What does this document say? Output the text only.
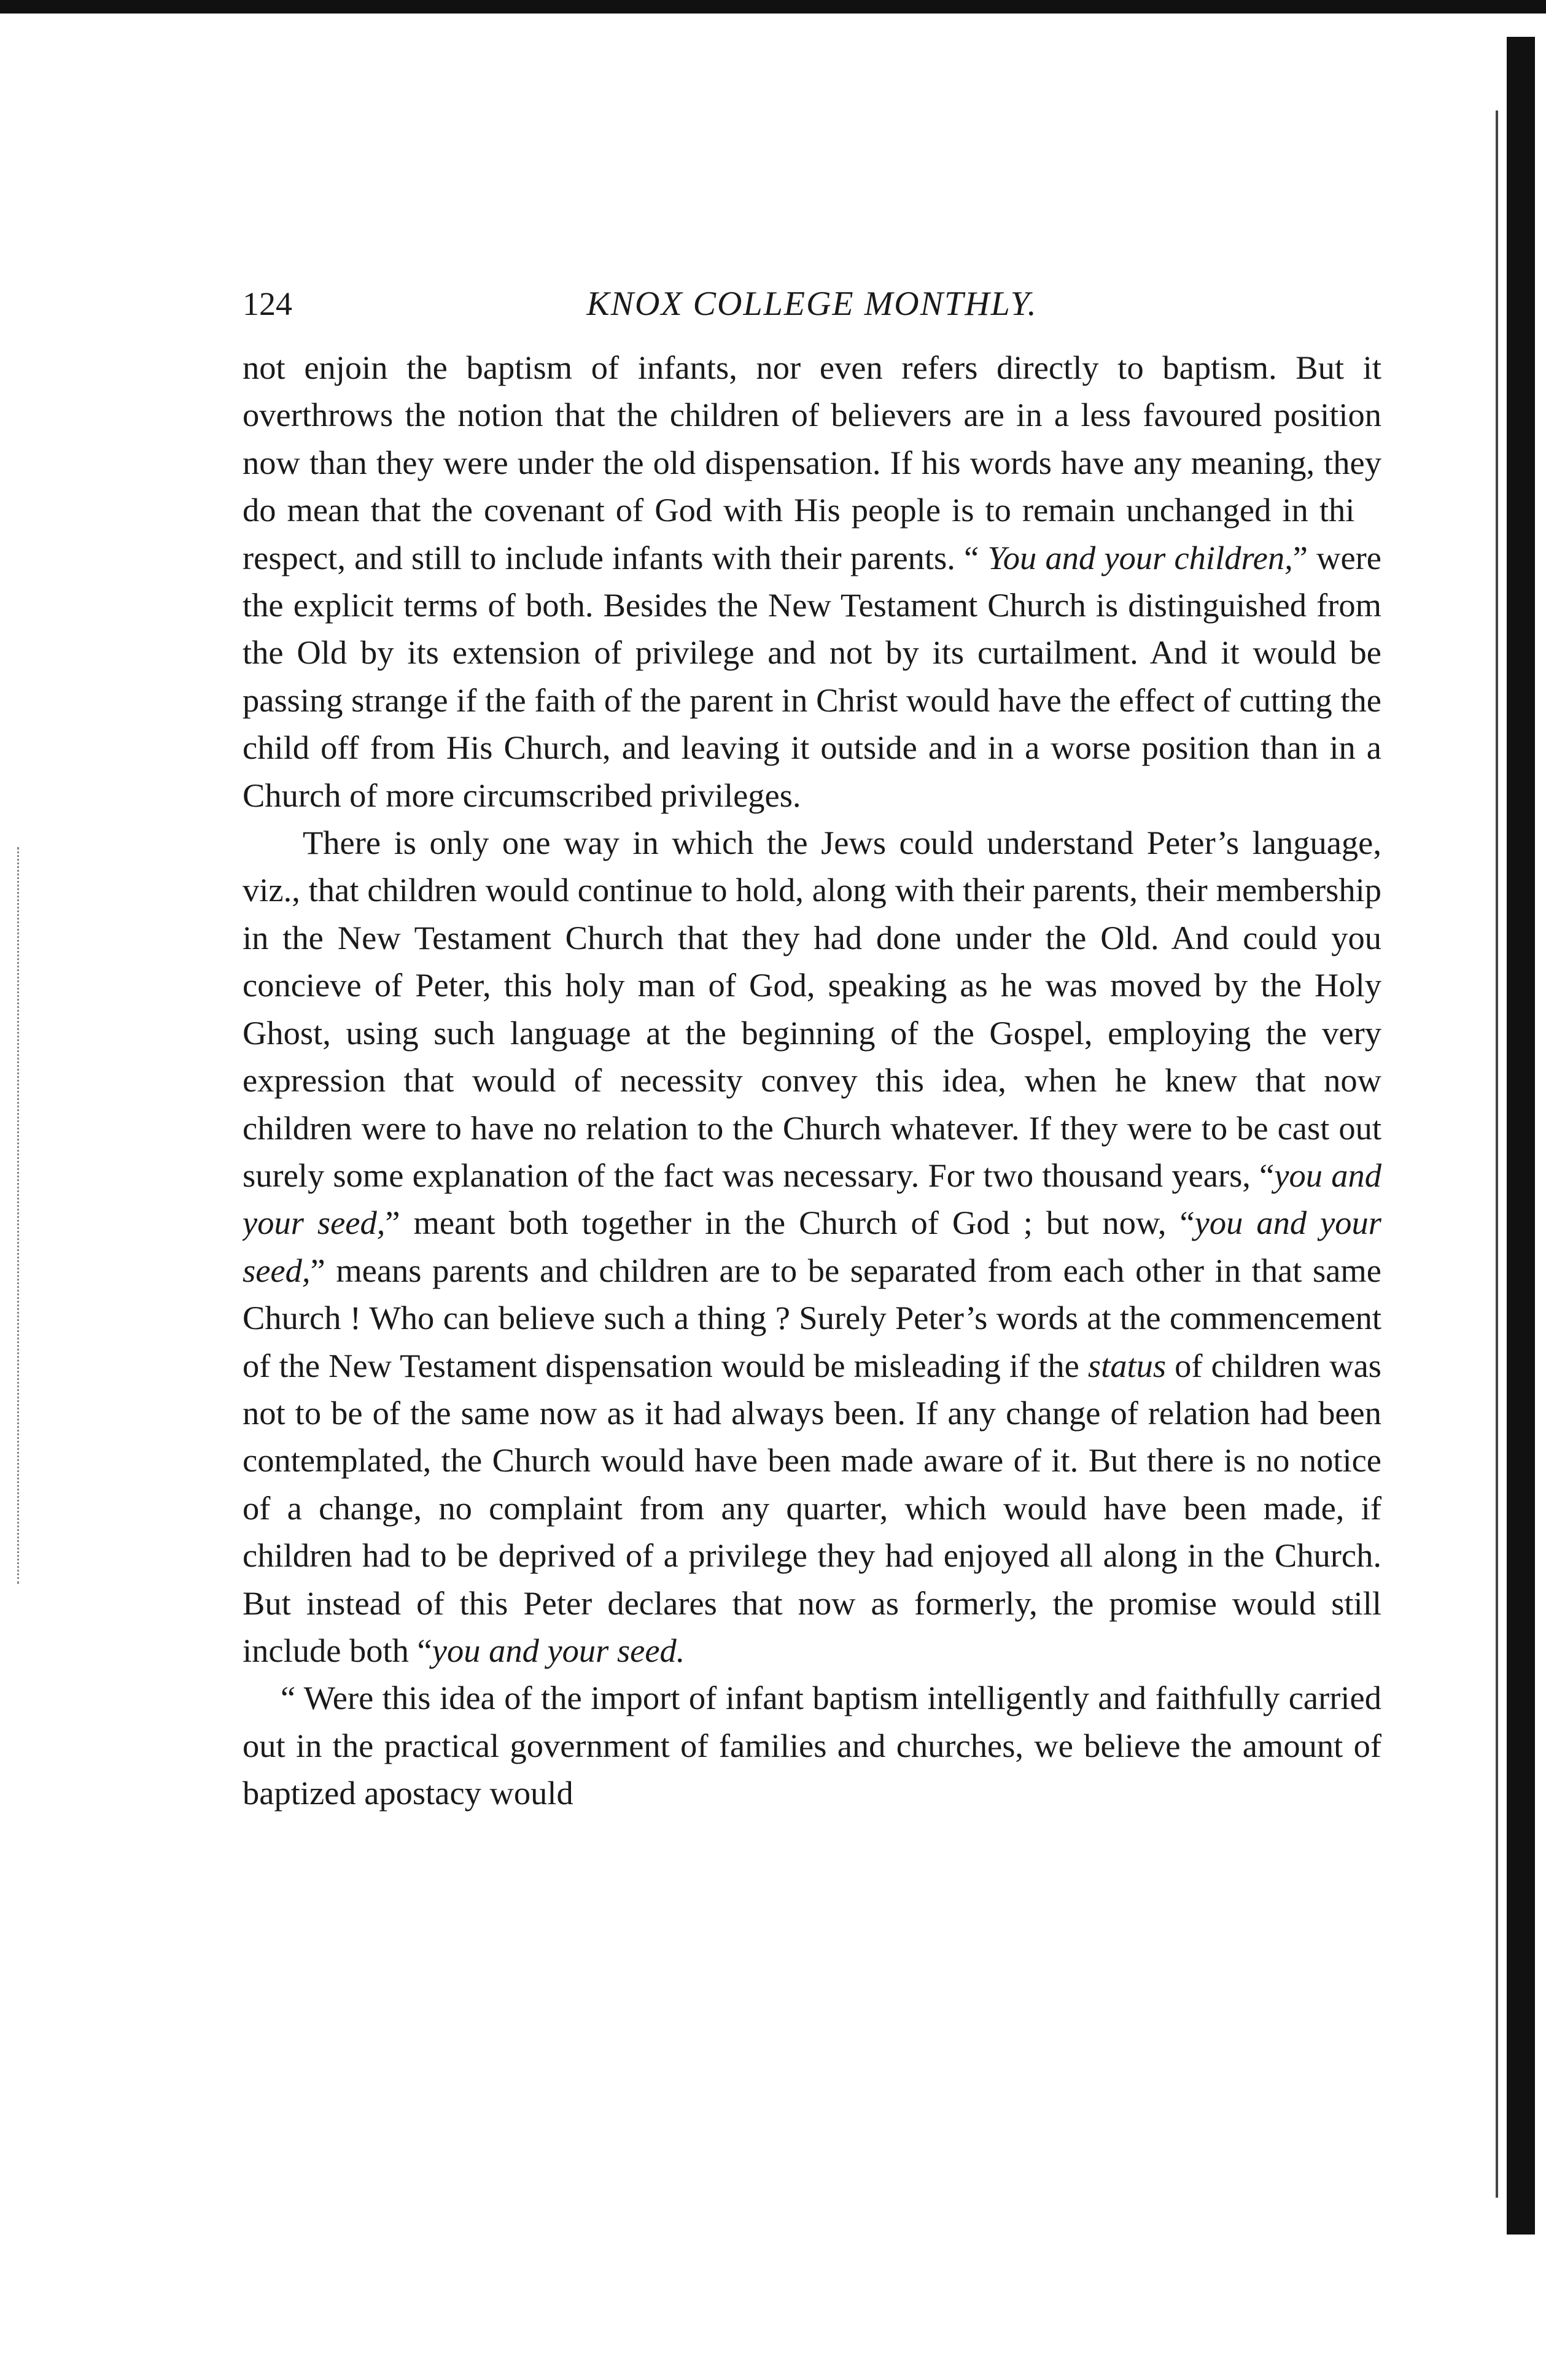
124	KNOX COLLEGE MONTHLY.

not enjoin the baptism of infants, nor even refers directly to baptism. But it overthrows the notion that the children of believers are in a less favoured position now than they were under the old dispensation. If his words have any meaning, they do mean that the covenant of God with His people is to remain unchanged in thi respect, and still to include infants with their parents. “ You and your children,” were the explicit terms of both. Besides the New Testament Church is distinguished from the Old by its extension of privilege and not by its curtailment. And it would be passing strange if the faith of the parent in Christ would have the effect of cutting the child off from His Church, and leaving it outside and in a worse position than in a Church of more circumscribed privileges.

There is only one way in which the Jews could understand Peter’s language, viz., that children would continue to hold, along with their parents, their membership in the New Testament Church that they had done under the Old. And could you concieve of Peter, this holy man of God, speaking as he was moved by the Holy Ghost, using such language at the beginning of the Gospel, employing the very expression that would of necessity convey this idea, when he knew that now children were to have no relation to the Church whatever. If they were to be cast out surely some explanation of the fact was necessary. For two thousand years, “you and your seed,” meant both together in the Church of God ; but now, “you and your seed,” means parents and children are to be separated from each other in that same Church ! Who can believe such a thing ? Surely Peter’s words at the commencement of the New Testament dispensation would be misleading if the status of children was not to be of the same now as it had always been. If any change of relation had been contemplated, the Church would have been made aware of it. But there is no notice of a change, no complaint from any quarter, which would have been made, if children had to be deprived of a privilege they had enjoyed all along in the Church. But instead of this Peter declares that now as formerly, the promise would still include both “you and your seed.

“ Were this idea of the import of infant baptism intelligently and faithfully carried out in the practical government of families and churches, we believe the amount of baptized apostacy would
